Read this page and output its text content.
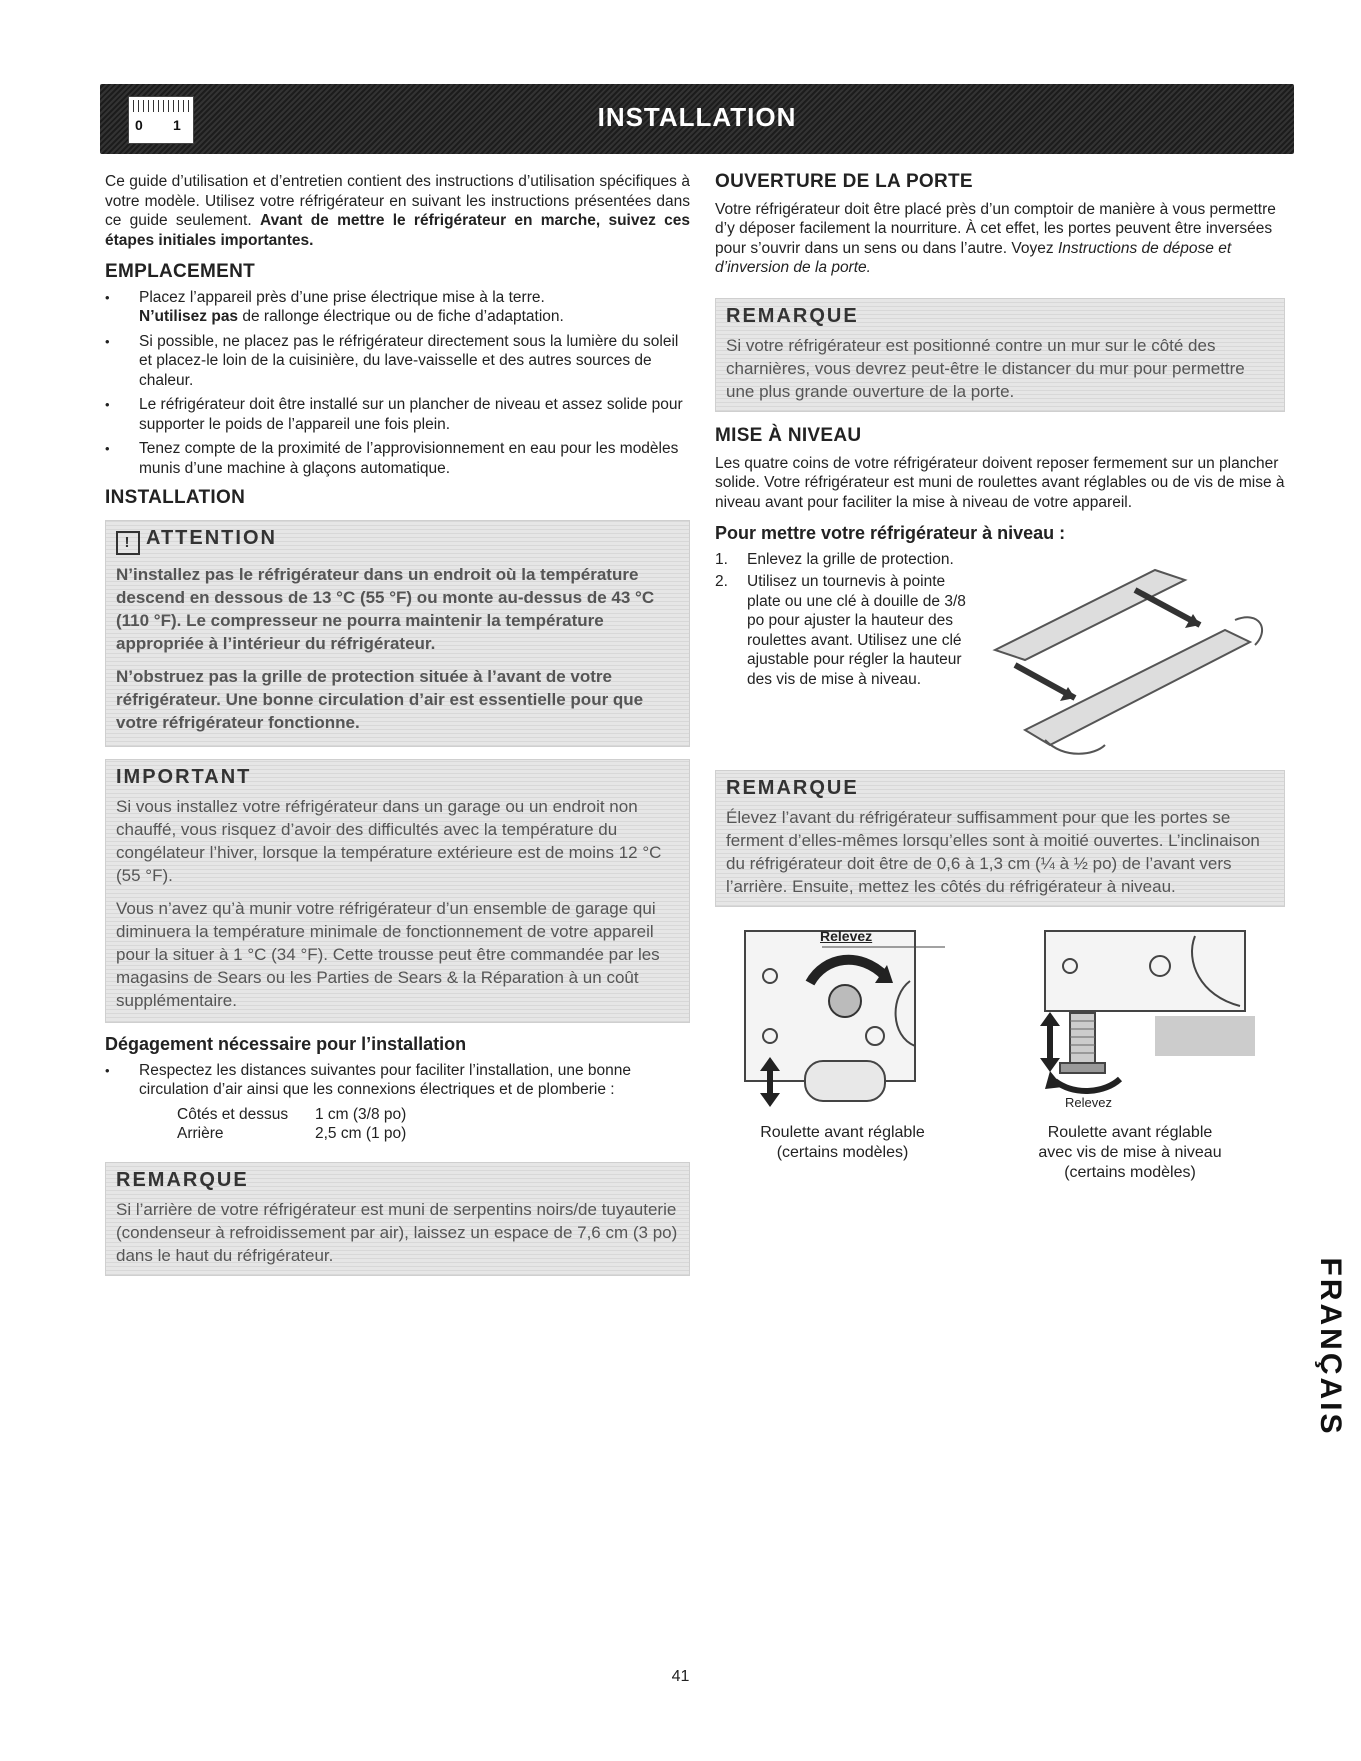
0 1	INSTALLATION

Ce guide d’utilisation et d’entretien contient des instructions d’utilisation spécifiques à votre modèle. Utilisez votre réfrigérateur en suivant les instructions présentées dans ce guide seulement. Avant de mettre le réfrigérateur en marche, suivez ces étapes initiales importantes.

EMPLACEMENT
• Placez l’appareil près d’une prise électrique mise à la terre.
N’utilisez pas de rallonge électrique ou de fiche d’adaptation.
• Si possible, ne placez pas le réfrigérateur directement sous la lumière du soleil et placez-le loin de la cuisinière, du lave-vaisselle et des autres sources de chaleur.
• Le réfrigérateur doit être installé sur un plancher de niveau et assez solide pour supporter le poids de l’appareil une fois plein.
• Tenez compte de la proximité de l’approvisionnement en eau pour les modèles munis d’une machine à glaçons automatique.
INSTALLATION
! ATTENTION
N’installez pas le réfrigérateur dans un endroit où la température descend en dessous de 13 °C (55 °F) ou monte au-dessus de 43 °C (110 °F). Le compresseur ne pourra maintenir la température appropriée à l’intérieur du réfrigérateur.
N’obstruez pas la grille de protection située à l’avant de votre réfrigérateur. Une bonne circulation d’air est essentielle pour que votre réfrigérateur fonctionne.
IMPORTANT
Si vous installez votre réfrigérateur dans un garage ou un endroit non chauffé, vous risquez d’avoir des difficultés avec la température du congélateur l’hiver, lorsque la température extérieure est de moins 12 °C (55 °F).
Vous n’avez qu’à munir votre réfrigérateur d’un ensemble de garage qui diminuera la température minimale de fonctionnement de votre appareil pour la situer à 1 °C (34 °F). Cette trousse peut être commandée par les magasins de Sears ou les Parties de Sears & la Réparation à un coût supplémentaire.
Dégagement nécessaire pour l’installation
• Respectez les distances suivantes pour faciliter l’installation, une bonne circulation d’air ainsi que les connexions électriques et de plomberie :
Côtés et dessus 1 cm (3/8 po)
Arrière	2,5 cm (1 po)
REMARQUE
Si l’arrière de votre réfrigérateur est muni de serpentins noirs/de tuyauterie (condenseur à refroidissement par air), laissez un espace de 7,6 cm (3 po) dans le haut du réfrigérateur.
OUVERTURE DE LA PORTE

Votre réfrigérateur doit être placé près d’un comptoir de manière à vous permettre d’y déposer facilement la nourriture. À cet effet, les portes peuvent être inversées pour s’ouvrir dans un sens ou dans l’autre. Voyez Instructions de dépose et d’inversion de la porte.

REMARQUE
Si votre réfrigérateur est positionné contre un mur sur le côté des charnières, vous devrez peut-être le distancer du mur pour permettre une plus grande ouverture de la porte.
MISE À NIVEAU

Les quatre coins de votre réfrigérateur doivent reposer fermement sur un plancher solide. Votre réfrigérateur est muni de roulettes avant réglables ou de vis de mise à niveau avant pour faciliter la mise à niveau de votre appareil.

Pour mettre votre réfrigérateur à niveau :
1. Enlevez la grille de protection.
2. Utilisez un tournevis à pointe plate ou une clé à douille de 3/8 po pour ajuster la hauteur des roulettes avant. Utilisez une clé ajustable pour régler la hauteur des vis de mise à niveau.
REMARQUE
Élevez l’avant du réfrigérateur suffisamment pour que les portes se ferment d’elles-mêmes lorsqu’elles sont à moitié ouvertes. L’inclinaison du réfrigérateur doit être de 0,6 à 1,3 cm (¼ à ½ po) de l’avant vers l’arrière. Ensuite, mettez les côtés du réfrigérateur à niveau.
Relevez
Roulette avant réglable
(certains modèles)
Relevez
Roulette avant réglable
avec vis de mise à niveau
(certains modèles)
FRANÇAIS
41
